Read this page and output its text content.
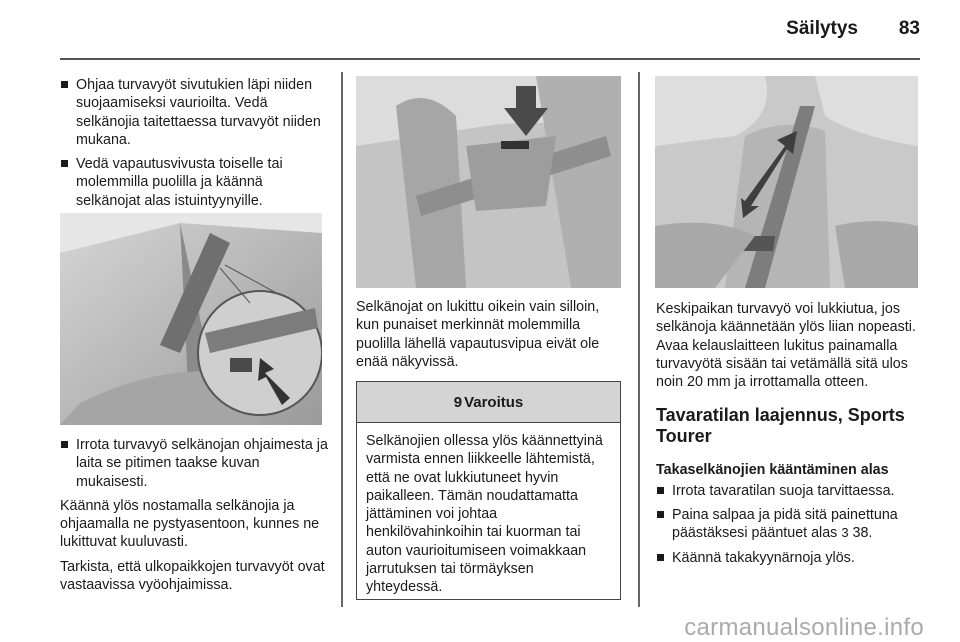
Säilytys 83
Ohjaa turvavyöt sivutukien läpi niiden suojaamiseksi vaurioilta. Vedä selkänojia taitettaessa turvavyöt niiden mukana.
Vedä vapautusvivusta toiselle tai molemmilla puolilla ja käännä selkänojat alas istuintyynyille.
Irrota turvavyö selkänojan ohjaimesta ja laita se pitimen taakse kuvan mukaisesti.

Käännä ylös nostamalla selkänojia ja ohjaamalla ne pystyasentoon, kunnes ne lukittuvat kuuluvasti.

Tarkista, että ulkopaikkojen turvavyöt ovat vastaavissa vyöohjaimissa.

Selkänojat on lukittu oikein vain silloin, kun punaiset merkinnät molemmilla puolilla lähellä vapautusvipua eivät ole enää näkyvissä.

9 Varoitus
Selkänojien ollessa ylös käännettyinä varmista ennen liikkeelle lähtemistä, että ne ovat lukkiutuneet hyvin paikalleen. Tämän noudattamatta jättäminen voi johtaa henkilövahinkoihin tai kuorman tai auton vaurioitumiseen voimakkaan jarrutuksen tai törmäyksen yhteydessä.

Keskipaikan turvavyö voi lukkiutua, jos selkänoja käännetään ylös liian nopeasti. Avaa kelauslaitteen lukitus painamalla turvavyötä sisään tai vetämällä sitä ulos noin 20 mm ja irrottamalla otteen.

Tavaratilan laajennus, Sports Tourer
Takaselkänojien kääntäminen alas
Irrota tavaratilan suoja tarvittaessa.
Paina salpaa ja pidä sitä painettuna päästäksesi pääntuet alas 3 38.
Käännä takakyynärnoja ylös.
carmanualsonline.info
